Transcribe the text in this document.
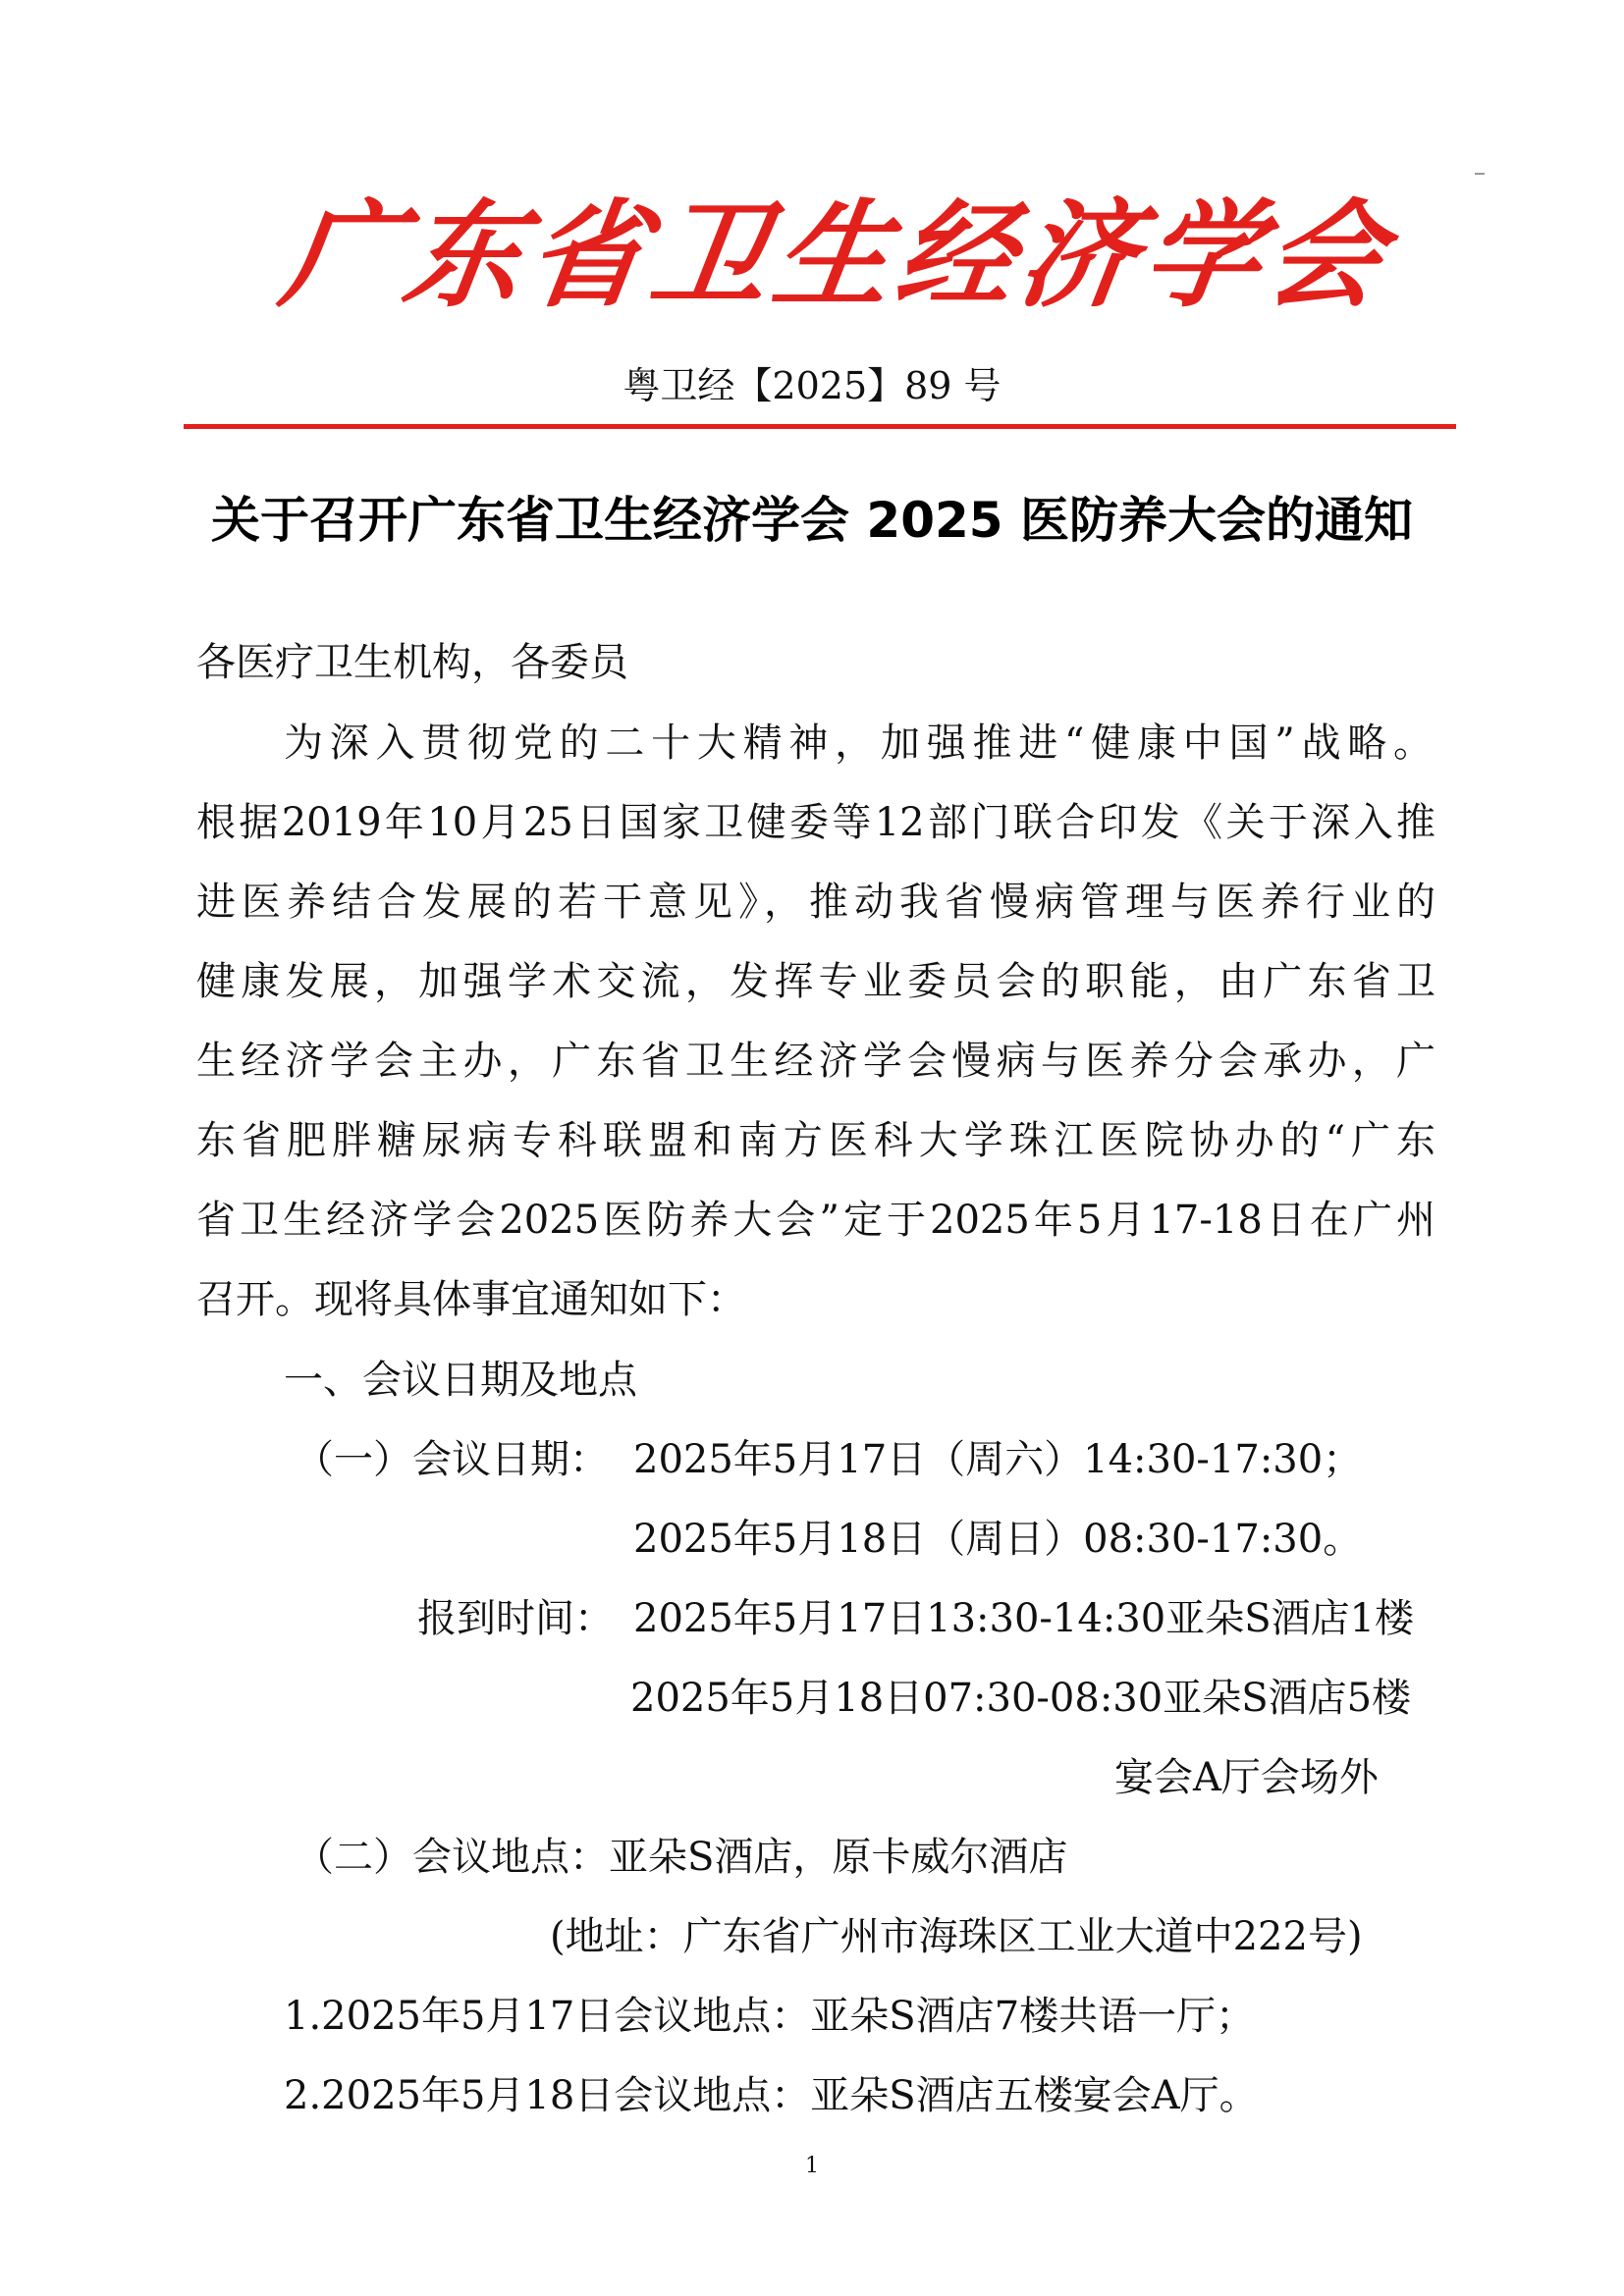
广
东
省
卫
生
经
济
学
会
粤卫经【2025】89 号
关于召开广东省卫生经济学会 2025 医防养大会的通知
各医疗卫生机构，各委员
为深入贯彻党的二十大精神，加强推进“健康中国”战略。
根据2019年10月25日国家卫健委等12部门联合印发《关于深入推
进医养结合发展的若干意见》，推动我省慢病管理与医养行业的
健康发展，加强学术交流，发挥专业委员会的职能，由广东省卫
生经济学会主办，广东省卫生经济学会慢病与医养分会承办，广
东省肥胖糖尿病专科联盟和南方医科大学珠江医院协办的“广东
省卫生经济学会2025医防养大会”定于2025年5月17-18日在广州
召开。现将具体事宜通知如下：
一、会议日期及地点
（一）会议日期： 2025年5月17日（周六）14:30-17:30；
2025年5月18日（周日）08:30-17:30。
报到时间： 2025年5月17日13:30-14:30亚朵S酒店1楼
2025年5月18日07:30-08:30亚朵S酒店5楼
宴会A厅会场外
（二）会议地点：亚朵S酒店，原卡威尔酒店
(地址：广东省广州市海珠区工业大道中222号)
1.2025年5月17日会议地点：亚朵S酒店7楼共语一厅；
2.2025年5月18日会议地点：亚朵S酒店五楼宴会A厅。
1
